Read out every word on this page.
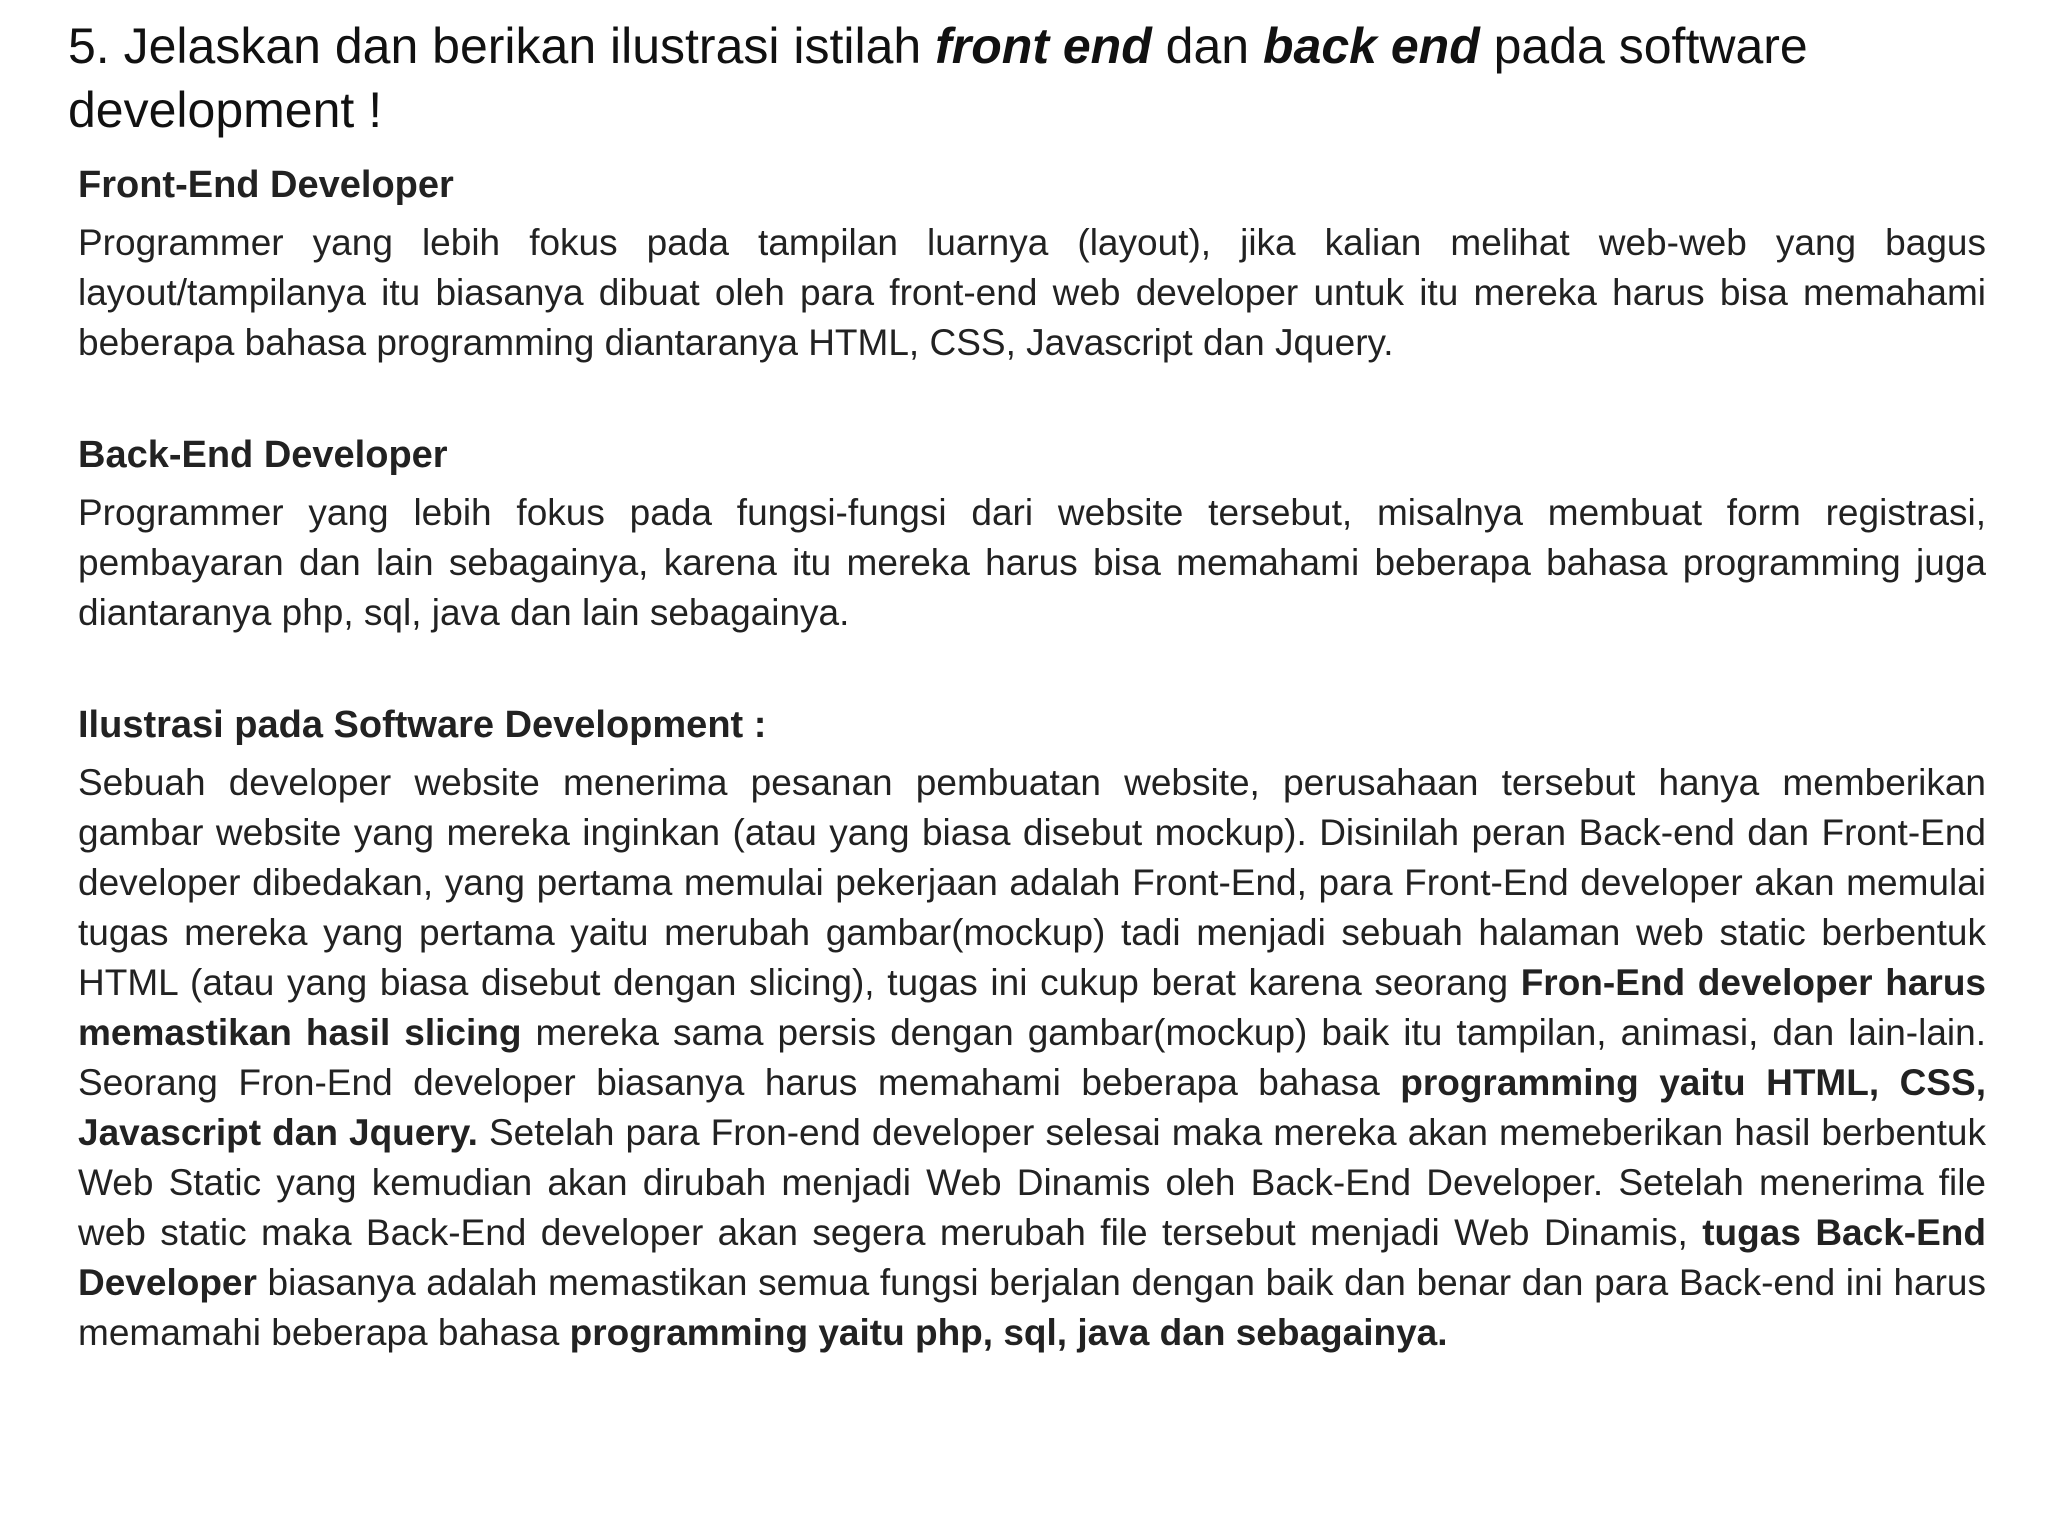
5. Jelaskan dan berikan ilustrasi istilah front end dan back end pada software development !

Front-End Developer

Programmer yang lebih fokus pada tampilan luarnya (layout), jika kalian melihat web-web yang bagus layout/tampilanya itu biasanya dibuat oleh para front-end web developer untuk itu mereka harus bisa memahami beberapa bahasa programming diantaranya HTML, CSS, Javascript dan Jquery.

Back-End Developer

Programmer yang lebih fokus pada fungsi-fungsi dari website tersebut, misalnya membuat form registrasi, pembayaran dan lain sebagainya, karena itu mereka harus bisa memahami beberapa bahasa programming juga diantaranya php, sql, java dan lain sebagainya.

Ilustrasi pada Software Development :

Sebuah developer website menerima pesanan pembuatan website, perusahaan tersebut hanya memberikan gambar website yang mereka inginkan (atau yang biasa disebut mockup). Disinilah peran Back-end dan Front-End developer dibedakan, yang pertama memulai pekerjaan adalah Front-End, para Front-End developer akan memulai tugas mereka yang pertama yaitu merubah gambar(mockup) tadi menjadi sebuah halaman web static berbentuk HTML (atau yang biasa disebut dengan slicing), tugas ini cukup berat karena seorang Fron-End developer harus memastikan hasil slicing mereka sama persis dengan gambar(mockup) baik itu tampilan, animasi, dan lain-lain. Seorang Fron-End developer biasanya harus memahami beberapa bahasa programming yaitu HTML, CSS, Javascript dan Jquery. Setelah para Fron-end developer selesai maka mereka akan memeberikan hasil berbentuk Web Static yang kemudian akan dirubah menjadi Web Dinamis oleh Back-End Developer. Setelah menerima file web static maka Back-End developer akan segera merubah file tersebut menjadi Web Dinamis, tugas Back-End Developer biasanya adalah memastikan semua fungsi berjalan dengan baik dan benar dan para Back-end ini harus memamahi beberapa bahasa programming yaitu php, sql, java dan sebagainya.
